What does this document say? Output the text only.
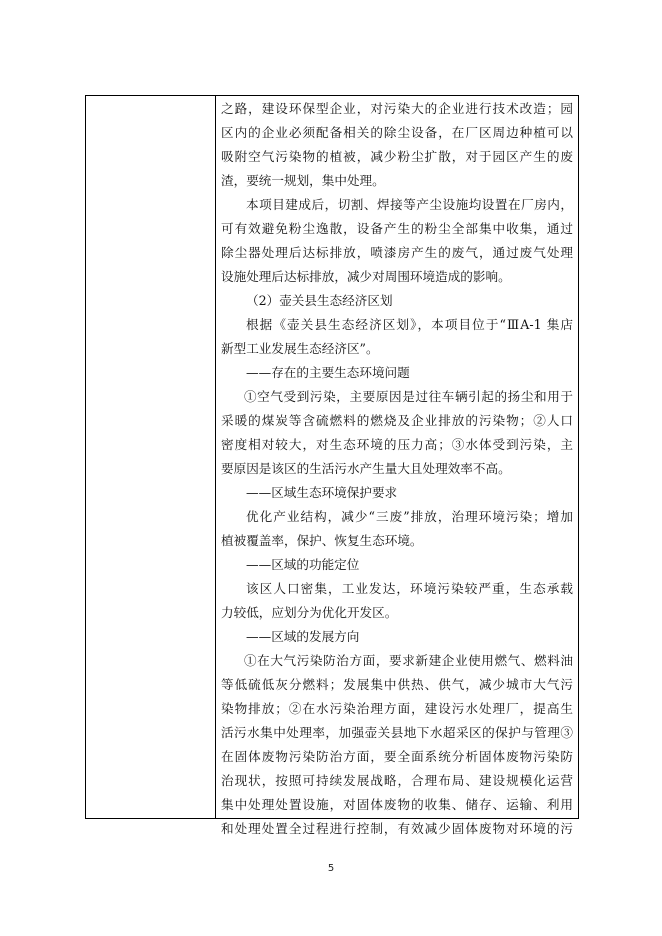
之路，建设环保型企业，对污染大的企业进行技术改造；园
区内的企业必须配备相关的除尘设备，在厂区周边种植可以
吸附空气污染物的植被，减少粉尘扩散，对于园区产生的废
渣，要统一规划，集中处理。
本项目建成后，切割、焊接等产尘设施均设置在厂房内，
可有效避免粉尘逸散，设备产生的粉尘全部集中收集，通过
除尘器处理后达标排放，喷漆房产生的废气，通过废气处理
设施处理后达标排放，减少对周围环境造成的影响。
（2）壶关县生态经济区划
根据《壶关县生态经济区划》，本项目位于“ⅢA-1 集店
新型工业发展生态经济区”。
——存在的主要生态环境问题
①空气受到污染，主要原因是过往车辆引起的扬尘和用于
采暖的煤炭等含硫燃料的燃烧及企业排放的污染物；②人口
密度相对较大，对生态环境的压力高；③水体受到污染，主
要原因是该区的生活污水产生量大且处理效率不高。
——区域生态环境保护要求
优化产业结构，减少“三废”排放，治理环境污染；增加
植被覆盖率，保护、恢复生态环境。
——区域的功能定位
该区人口密集，工业发达，环境污染较严重，生态承载
力较低，应划分为优化开发区。
——区域的发展方向
①在大气污染防治方面，要求新建企业使用燃气、燃料油
等低硫低灰分燃料；发展集中供热、供气，减少城市大气污
染物排放；②在水污染治理方面，建设污水处理厂，提高生
活污水集中处理率，加强壶关县地下水超采区的保护与管理③
在固体废物污染防治方面，要全面系统分析固体废物污染防
治现状，按照可持续发展战略，合理布局、建设规模化运营
集中处理处置设施，对固体废物的收集、储存、运输、利用
和处理处置全过程进行控制，有效减少固体废物对环境的污
5
